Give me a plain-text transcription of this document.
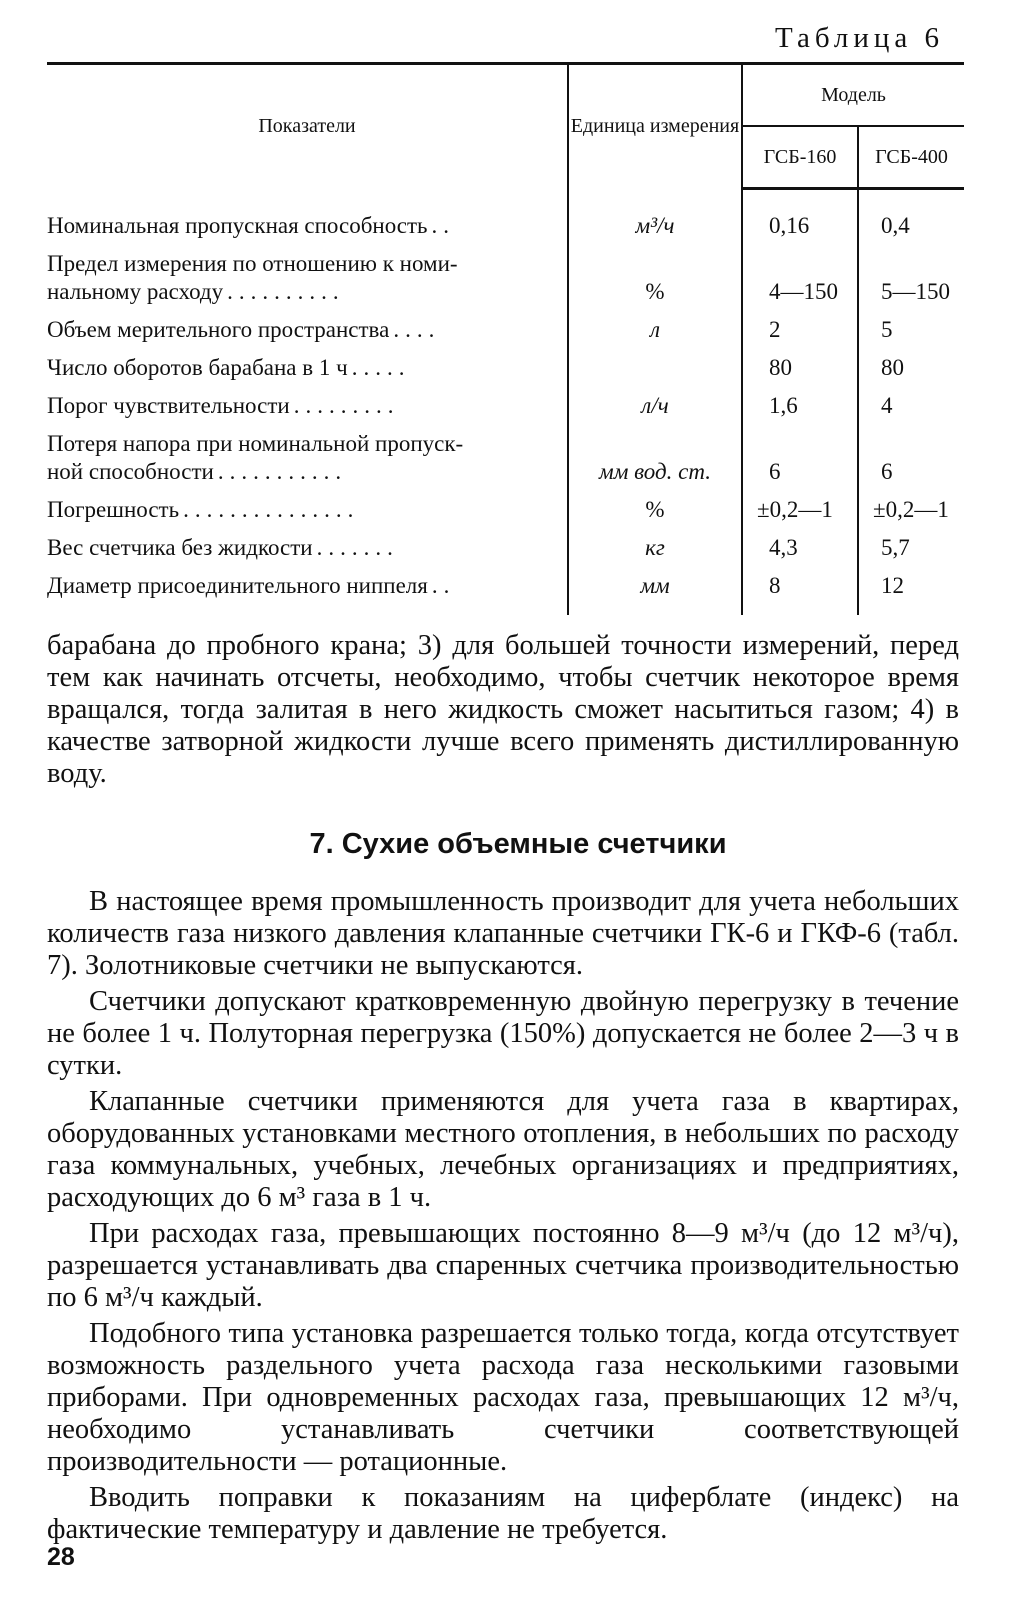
Таблица 6
Показатели	Единица измерения	Модель	
		ГСБ-160	ГСБ-400

Номинальная пропускная способность ..	м³/ч	0,16	0,4

Предел измерения по отношению к номи-
нальному расходу ..........	%	4—150	5—150

Объем мерительного пространства ....	л	2	5

Число оборотов барабана в 1 ч .....		80	80

Порог чувствительности .........	л/ч	1,6	4

Потеря напора при номинальной пропуск-
ной способности ...........	мм вод. ст.	6	6

Погрешность ...............	%	±0,2—1	±0,2—1

Вес счетчика без жидкости .......	кг	4,3	5,7

Диаметр присоединительного ниппеля ..	мм	8	12

барабана до пробного крана; 3) для большей точности измерений, перед тем как начинать отсчеты, необходимо, чтобы счетчик некоторое время вращался, тогда залитая в него жидкость сможет насытиться газом; 4) в качестве затворной жидкости лучше всего применять дистиллированную воду.

7. Сухие объемные счетчики

В настоящее время промышленность производит для учета небольших количеств газа низкого давления клапанные счетчики ГК-6 и ГКФ-6 (табл. 7). Золотниковые счетчики не выпускаются.

Счетчики допускают кратковременную двойную перегрузку в течение не более 1 ч. Полуторная перегрузка (150%) допускается не более 2—3 ч в сутки.

Клапанные счетчики применяются для учета газа в квартирах, оборудованных установками местного отопления, в небольших по расходу газа коммунальных, учебных, лечебных организациях и предприятиях, расходующих до 6 м³ газа в 1 ч.

При расходах газа, превышающих постоянно 8—9 м³/ч (до 12 м³/ч), разрешается устанавливать два спаренных счетчика производительностью по 6 м³/ч каждый.

Подобного типа установка разрешается только тогда, когда отсутствует возможность раздельного учета расхода газа несколькими газовыми приборами. При одновременных расходах газа, превышающих 12 м³/ч, необходимо устанавливать счетчики соответствующей производительности — ротационные.

Вводить поправки к показаниям на циферблате (индекс) на фактические температуру и давление не требуется.

28
